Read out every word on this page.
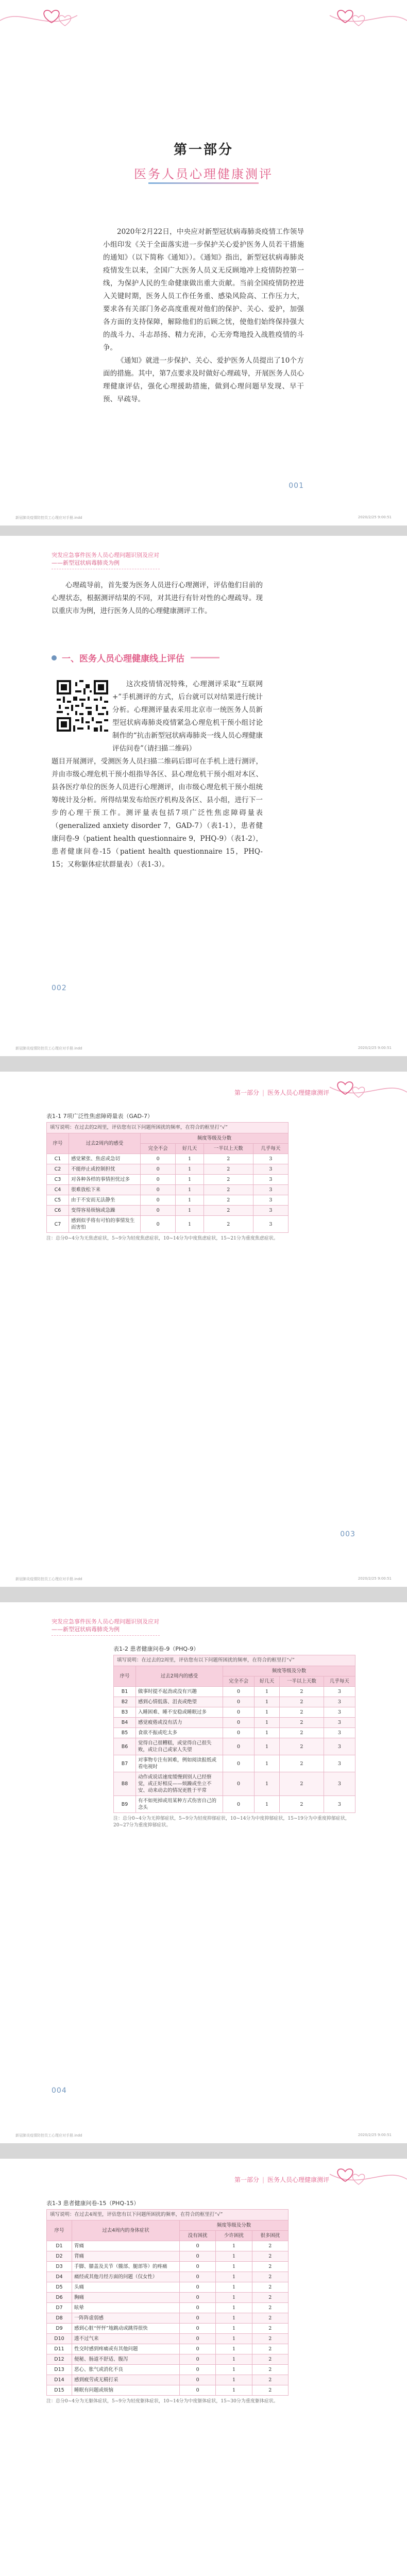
第一部分
医务人员心理健康测评

2020年2月22日，中央应对新型冠状病毒肺炎疫情工作领导小组印发《关于全面落实进一步保护关心爱护医务人员若干措施的通知》（以下简称《通知》）。《通知》指出，新型冠状病毒肺炎疫情发生以来，全国广大医务人员义无反顾地冲上疫情防控第一线，为保护人民的生命健康做出重大贡献。当前全国疫情防控进入关键时期，医务人员工作任务重、感染风险高、工作压力大，要求各有关部门务必高度重视对他们的保护、关心、爱护，加强各方面的支持保障，解除他们的后顾之忧，使他们始终保持强大的战斗力、斗志昂扬、精力充沛，心无旁骛地投入战胜疫情的斗争。

《通知》就进一步保护、关心、爱护医务人员提出了10个方面的措施。其中，第7点要求及时做好心理疏导，开展医务人员心理健康评估，强化心理援助措施，做到心理问题早发现、早干预、早疏导。

001
新冠肺炎疫情防控员工心理应对手册.indd	2020/2/25 9:00:51
突发应急事件医务人员心理问题识别及应对
——新型冠状病毒肺炎为例

心理疏导前，首先要为医务人员进行心理测评，评估他们目前的心理状态，根据测评结果的不同，对其进行有针对性的心理疏导。现以重庆市为例，进行医务人员的心理健康测评工作。

一、医务人员心理健康线上评估

这次疫情情况特殊，心理测评采取“互联网+”手机测评的方式，后台就可以对结果进行统计分析。心理测评量表采用北京市一统医务人员新型冠状病毒肺炎疫情紧急心理危机干预小组讨论制作的“抗击新型冠状病毒肺炎一线人员心理健康评估问卷”（请扫描二维码）

题目开展测评，受测医务人员扫描二维码后即可在手机上进行测评，并由市级心理危机干预小组指导各区、县心理危机干预小组对本区、县各医疗单位的医务人员进行心理测评，由市级心理危机干预小组统筹统计及分析。所得结果发布给医疗机构及各区、县小组，进行下一步的心理干预工作。测评量表包括7项广泛性焦虑障碍量表（generalized anxiety disorder 7，GAD-7）（表1-1），患者健康问卷-9（patient health questionnaire 9，PHQ-9）（表1-2），患者健康问卷-15（patient health questionnaire 15，PHQ-15；又称躯体症状群量表）（表1-3）。

002
新冠肺炎疫情防控员工心理应对手册.indd	2020/2/25 9:00:51
第一部分 | 医务人员心理健康测评
表1-1 7项广泛性焦虑障碍量表（GAD-7）
填写说明：在过去的2周里，评估您有以下问题所困扰的频率，在符合的框里打“√”
序号	过去2周内的感受	频度等级及分数			
		完全不会	好几天	一半以上天数	几乎每天
C1	感觉紧张、焦虑或急切	0	1	2	3
C2	不能停止或控制担忧	0	1	2	3
C3	对各种各样的事情担忧过多	0	1	2	3
C4	很难放松下来	0	1	2	3
C5	由于不安而无法静坐	0	1	2	3
C6	变得容易烦恼或急躁	0	1	2	3
C7	感到似乎将有可怕的事情发生而害怕	0	1	2	3
注：总分0~4分为无焦虑症状，5~9分为轻度焦虑症状，10~14分为中度焦虑症状，15~21分为重度焦虑症状。
003
新冠肺炎疫情防控员工心理应对手册.indd	2020/2/25 9:00:51
突发应急事件医务人员心理问题识别及应对
——新型冠状病毒肺炎为例
表1-2 患者健康问卷-9（PHQ-9）
填写说明：在过去的2周里，评估您有以下问题所困扰的频率，在符合的框里打“√”
序号	过去2周内的感受	频度等级及分数			
		完全不会	好几天	一半以上天数	几乎每天
B1	做事时提不起劲或没有兴趣	0	1	2	3
B2	感到心情低落、沮丧或绝望	0	1	2	3
B3	入睡困难、睡不安稳或睡眠过多	0	1	2	3
B4	感觉疲倦或没有活力	0	1	2	3
B5	食欲不振或吃太多	0	1	2	3
B6	觉得自己很糟糕，或觉得自己很失败，或让自己或家人失望	0	1	2	3
B7	对事物专注有困难，例如阅读报纸或看电视时	0	1	2	3
B8	动作或说话速度缓慢到别人已经察觉，或正好相反——烦躁或坐立不安、动来动去的情况更胜于平常	0	1	2	3
B9	有不如死掉或用某种方式伤害自己的念头	0	1	2	3
注：总分0~4分为无抑郁症状，5~9分为轻度抑郁症状，10~14分为中度抑郁症状，15~19分为中重度抑郁症状，20~27分为重度抑郁症状。
004
新冠肺炎疫情防控员工心理应对手册.indd	2020/2/25 9:00:51
第一部分 | 医务人员心理健康测评
表1-3 患者健康问卷-15（PHQ-15）
填写说明：在过去4周里，评估您有以下问题所困扰的频率，在符合的框里打“√”
序号	过去4周内的身体症状	频度等级及分数		
		没有困扰	少许困扰	很多困扰
D1	胃痛	0	1	2
D2	背痛	0	1	2
D3	手脚、膝盖及关节（髋部、腿部等）的疼痛	0	1	2
D4	痛经或其他月经方面的问题（仅女性）	0	1	2
D5	头痛	0	1	2
D6	胸痛	0	1	2
D7	眩晕	0	1	2
D8	一阵阵虚弱感	0	1	2
D9	感到心脏“怦怦”地跳动或跳得很快	0	1	2
D10	透不过气来	0	1	2
D11	性交时感到疼痛或有其他问题	0	1	2
D12	便秘、肠道不舒适、腹泻	0	1	2
D13	恶心、胀气或消化不良	0	1	2
D14	感到疲劳或无精打采	0	1	2
D15	睡眠有问题或烦恼	0	1	2
注：总分0~4分为无躯体症状，5~9分为轻度躯体症状，10~14分为中度躯体症状，15~30分为重度躯体症状。
